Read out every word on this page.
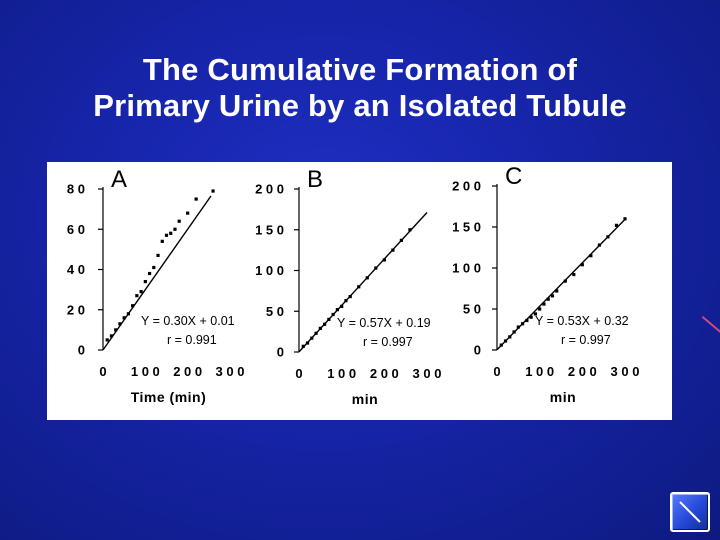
The Cumulative Formation of
Primary Urine by an Isolated Tubule
0
2 0
4 0
6 0
8 0
0 1 0 0 2 0 0 3 0 0
Time (min)
A
Y = 0.30X + 0.01
r = 0.991
0
5 0
1 0 0
1 5 0
2 0 0
0 1 0 0 2 0 0 3 0 0
min
B
Y = 0.57X + 0.19
r = 0.997
0
5 0
1 0 0
1 5 0
2 0 0
0 1 0 0 2 0 0 3 0 0
min
C
Y = 0.53X + 0.32
r = 0.997
